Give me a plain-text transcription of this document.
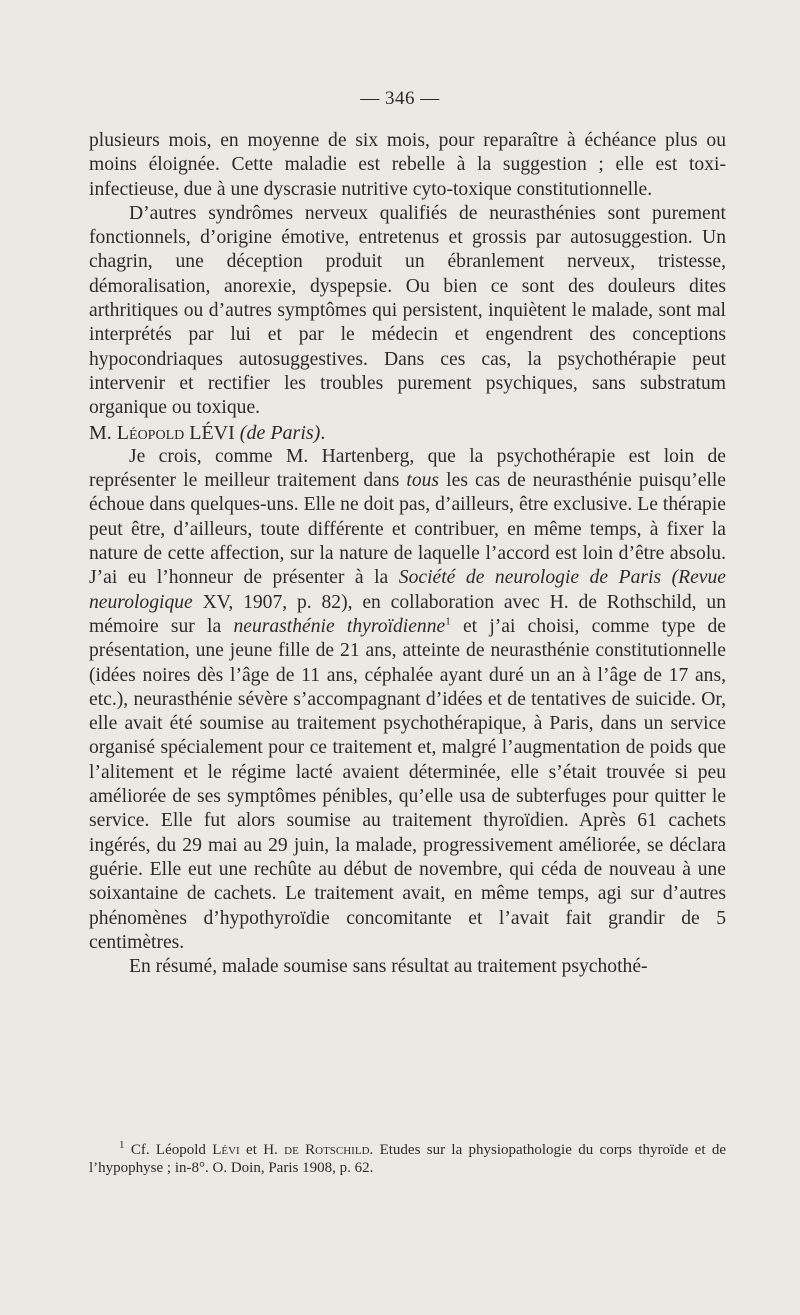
— 346 —

plusieurs mois, en moyenne de six mois, pour reparaître à échéance plus ou moins éloignée. Cette maladie est rebelle à la suggestion ; elle est toxi-infectieuse, due à une dyscrasie nutritive cyto-toxique constitutionnelle.

D’autres syndrômes nerveux qualifiés de neurasthénies sont purement fonctionnels, d’origine émotive, entretenus et grossis par autosuggestion. Un chagrin, une déception produit un ébranlement nerveux, tristesse, démoralisation, anorexie, dyspepsie. Ou bien ce sont des douleurs dites arthritiques ou d’autres symptômes qui persistent, inquiètent le malade, sont mal interprétés par lui et par le médecin et engendrent des conceptions hypocondriaques autosuggestives. Dans ces cas, la psychothérapie peut intervenir et rectifier les troubles purement psychiques, sans substratum organique ou toxique.

M. Léopold LÉVI (de Paris).

Je crois, comme M. Hartenberg, que la psychothérapie est loin de représenter le meilleur traitement dans tous les cas de neurasthénie puisqu’elle échoue dans quelques-uns. Elle ne doit pas, d’ailleurs, être exclusive. Le thérapie peut être, d’ailleurs, toute différente et contribuer, en même temps, à fixer la nature de cette affection, sur la nature de laquelle l’accord est loin d’être absolu. J’ai eu l’honneur de présenter à la Société de neurologie de Paris (Revue neurologique XV, 1907, p. 82), en collaboration avec H. de Rothschild, un mémoire sur la neurasthénie thyroïdienne$^1$ et j’ai choisi, comme type de présentation, une jeune fille de 21 ans, atteinte de neurasthénie constitutionnelle (idées noires dès l’âge de 11 ans, céphalée ayant duré un an à l’âge de 17 ans, etc.), neurasthénie sévère s’accompagnant d’idées et de tentatives de suicide. Or, elle avait été soumise au traitement psychothérapique, à Paris, dans un service organisé spécialement pour ce traitement et, malgré l’augmentation de poids que l’alitement et le régime lacté avaient déterminée, elle s’était trouvée si peu améliorée de ses symptômes pénibles, qu’elle usa de subterfuges pour quitter le service. Elle fut alors soumise au traitement thyroïdien. Après 61 cachets ingérés, du 29 mai au 29 juin, la malade, progressivement améliorée, se déclara guérie. Elle eut une rechûte au début de novembre, qui céda de nouveau à une soixantaine de cachets. Le traitement avait, en même temps, agi sur d’autres phénomènes d’hypothyroïdie concomitante et l’avait fait grandir de 5 centimètres.

En résumé, malade soumise sans résultat au traitement psychothé-

$^1$ Cf. Léopold Lévi et H. de Rotschild. Etudes sur la physiopathologie du corps thyroïde et de l’hypophyse ; in-8°. O. Doin, Paris 1908, p. 62.
